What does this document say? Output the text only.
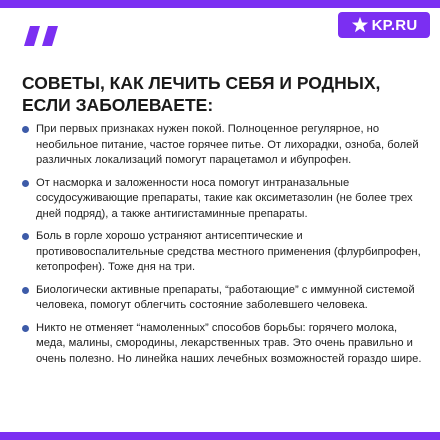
KP.RU
СОВЕТЫ, КАК ЛЕЧИТЬ СЕБЯ И РОДНЫХ,
ЕСЛИ ЗАБОЛЕВАЕТЕ:
При первых признаках нужен покой. Полноценное регулярное, но необильное питание, частое горячее питье. От лихорадки, озноба, болей различных локализаций помогут парацетамол и ибупрофен.
От насморка и заложенности носа помогут интраназальные сосудосуживающие препараты, такие как оксиметазолин (не более трех дней подряд), а также антигистаминные препараты.
Боль в горле хорошо устраняют антисептические и противовоспалительные средства местного применения (флурбипрофен, кетопрофен). Тоже дня на три.
Биологически активные препараты, “работающие” с иммунной системой человека, помогут облегчить состояние заболевшего человека.
Никто не отменяет “намоленных” способов борьбы: горячего молока, меда, малины, смородины, лекарственных трав. Это очень правильно и очень полезно. Но линейка наших лечебных возможностей гораздо шире.
